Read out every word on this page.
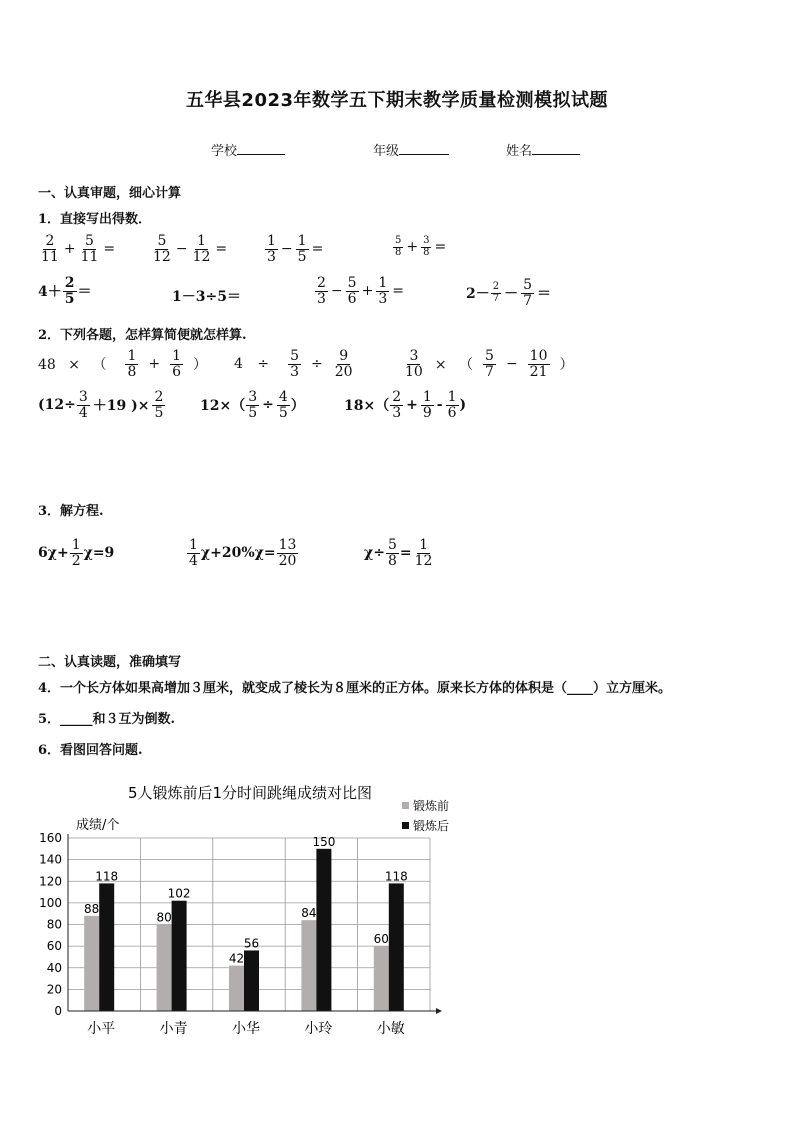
五华县2023年数学五下期末教学质量检测模拟试题
学校	年级	姓名
一、认真审题，细心计算
1．直接写出得数．
$\frac{2}{11} + \frac{5}{11}$ =	$\frac{5}{12} - \frac{1}{12}$ =	$\frac{1}{3} - \frac{1}{5}$ =	$\frac{5}{8} + \frac{3}{8}$ =
$4+ \frac{2}{5}$ ＝	1－3÷5＝	$\frac{2}{3} - \frac{5}{6} + \frac{1}{3}$ =	$2- \frac{2}{7} - \frac{5}{7}$ ＝
2．下列各题，怎样算简便就怎样算.
48 × （ $\frac{1}{8} + \frac{1}{6}$ ） $4 \div \frac{5}{3} \div \frac{9}{20}$	$\frac{3}{10}$ × （ $\frac{5}{7} - \frac{10}{21}$ ）
($12\div \frac{3}{4} +19$ )× $\frac{2}{5} 12\times( \frac{3}{5} \div \frac{4}{5}$ ）	$18\times( \frac{2}{3} + \frac{1}{9} - \frac{1}{6}$ )
3．解方程.
$6\chi+ \frac{1}{2} \chi=9$	$\frac{1}{4} \chi+20\%\chi= \frac{13}{20}$	$\chi\div \frac{5}{8} = \frac{1}{12}$
二、认真读题，准确填写
4．一个长方体如果高增加３厘米，就变成了棱长为８厘米的正方体。原来长方体的体积是（____）立方厘米。
5．_____和３互为倒数.
6．看图回答问题.
5人锻炼前后1分时间跳绳成绩对比图
成绩/个
锻炼前
锻炼后
0
20
40
60
80
100
120
140
160
88
118
小平
80
102
小青
42
56
小华
84
150
小玲
60
118
小敏
